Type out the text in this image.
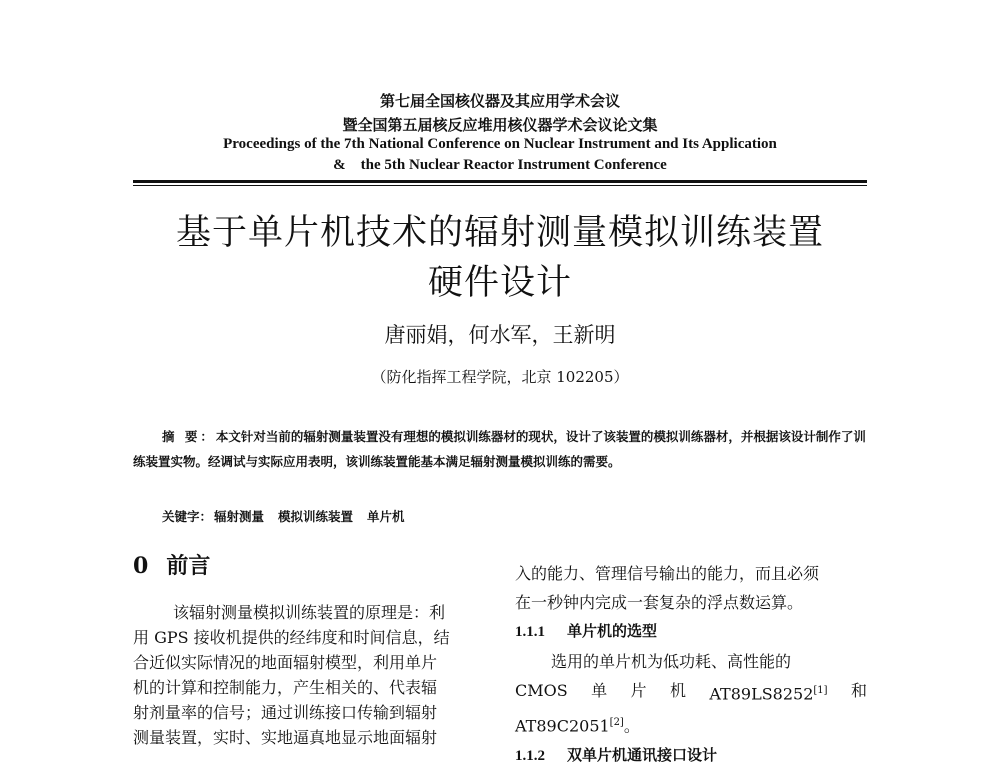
第七届全国核仪器及其应用学术会议
暨全国第五届核反应堆用核仪器学术会议论文集
Proceedings of the 7th National Conference on Nuclear Instrument and Its Application
&    the 5th Nuclear Reactor Instrument Conference
基于单片机技术的辐射测量模拟训练装置
硬件设计
唐丽娟，何水军，王新明
（防化指挥工程学院，北京 102205）
摘 要：本文针对当前的辐射测量装置没有理想的模拟训练器材的现状，设计了该装置的模拟训练器材，并根据该设计制作了训练装置实物。经调试与实际应用表明，该训练装置能基本满足辐射测量模拟训练的需要。
关键字： 辐射测量 模拟训练装置 单片机
0 前言
该辐射测量模拟训练装置的原理是：利
用 GPS 接收机提供的经纬度和时间信息，结
合近似实际情况的地面辐射模型，利用单片
机的计算和控制能力，产生相关的、代表辐
射剂量率的信号；通过训练接口传输到辐射
测量装置，实时、实地逼真地显示地面辐射
入的能力、管理信号输出的能力，而且必须
在一秒钟内完成一套复杂的浮点数运算。
1.1.1 单片机的选型
选用的单片机为低功耗、高性能的
CMOS 单 片 机 AT89LS8252[1] 和
AT89C2051[2]。
1.1.2 双单片机通讯接口设计
